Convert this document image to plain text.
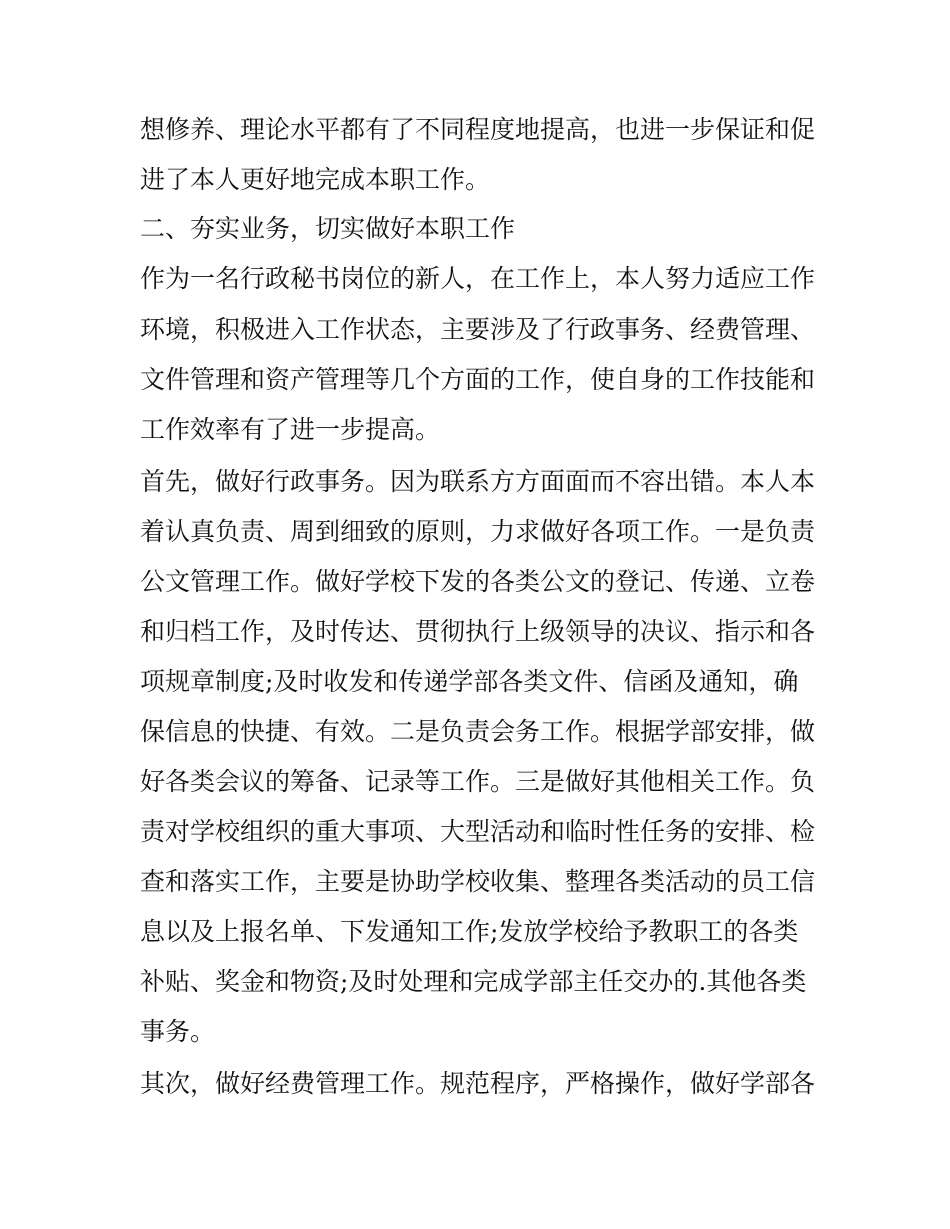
想修养、理论水平都有了不同程度地提高，也进一步保证和促

进了本人更好地完成本职工作。

二、夯实业务，切实做好本职工作

作为一名行政秘书岗位的新人，在工作上，本人努力适应工作

环境，积极进入工作状态，主要涉及了行政事务、经费管理、

文件管理和资产管理等几个方面的工作，使自身的工作技能和

工作效率有了进一步提高。

首先，做好行政事务。因为联系方方面面而不容出错。本人本

着认真负责、周到细致的原则，力求做好各项工作。一是负责

公文管理工作。做好学校下发的各类公文的登记、传递、立卷

和归档工作，及时传达、贯彻执行上级领导的决议、指示和各

项规章制度;及时收发和传递学部各类文件、信函及通知，确

保信息的快捷、有效。二是负责会务工作。根据学部安排，做

好各类会议的筹备、记录等工作。三是做好其他相关工作。负

责对学校组织的重大事项、大型活动和临时性任务的安排、检

查和落实工作，主要是协助学校收集、整理各类活动的员工信

息以及上报名单、下发通知工作;发放学校给予教职工的各类

补贴、奖金和物资;及时处理和完成学部主任交办的.其他各类

事务。

其次，做好经费管理工作。规范程序，严格操作，做好学部各
